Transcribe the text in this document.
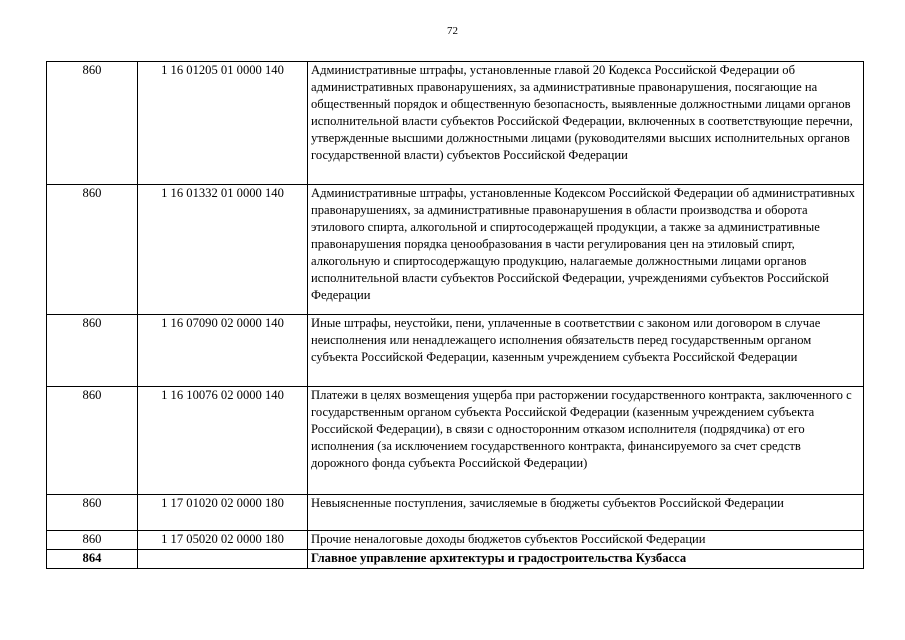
72
860	1 16 01205 01 0000 140	Административные штрафы, установленные главой 20 Кодекса Российской Федерации об административных правонарушениях, за административные правонарушения, посягающие на общественный порядок и общественную безопасность, выявленные должностными лицами органов исполнительной власти субъектов Российской Федерации, включенных в соответствующие перечни, утвержденные высшими должностными лицами (руководителями высших исполнительных органов государственной власти) субъектов Российской Федерации
860	1 16 01332 01 0000 140	Административные штрафы, установленные Кодексом Российской Федерации об административных правонарушениях, за административные правонарушения в области производства и оборота этилового спирта, алкогольной и спиртосодержащей продукции, а также за административные правонарушения порядка ценообразования в части регулирования цен на этиловый спирт, алкогольную и спиртосодержащую продукцию, налагаемые должностными лицами органов исполнительной власти субъектов Российской Федерации, учреждениями субъектов Российской Федерации
860	1 16 07090 02 0000 140	Иные штрафы, неустойки, пени, уплаченные в соответствии с законом или договором в случае неисполнения или ненадлежащего исполнения обязательств перед государственным органом субъекта Российской Федерации, казенным учреждением субъекта Российской Федерации
860	1 16 10076 02 0000 140	Платежи в целях возмещения ущерба при расторжении государственного контракта, заключенного с государственным органом субъекта Российской Федерации (казенным учреждением субъекта Российской Федерации), в связи с односторонним отказом исполнителя (подрядчика) от его исполнения (за исключением государственного контракта, финансируемого за счет средств дорожного фонда субъекта Российской Федерации)
860	1 17 01020 02 0000 180	Невыясненные поступления, зачисляемые в бюджеты субъектов Российской Федерации
860	1 17 05020 02 0000 180	Прочие неналоговые доходы бюджетов субъектов Российской Федерации
864		Главное управление архитектуры и градостроительства Кузбасса
